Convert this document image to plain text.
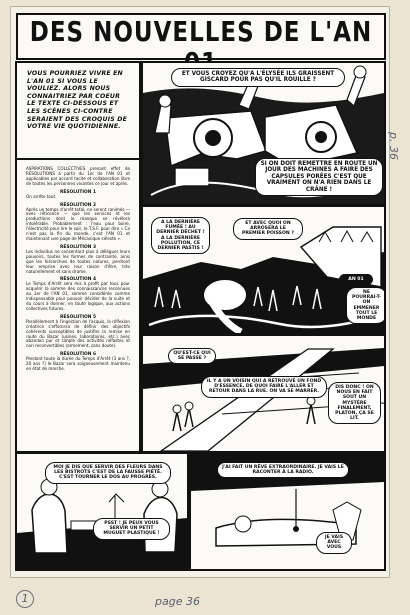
DES NOUVELLES DE L'AN
VOUS POURRIEZ VIVRE EN L'AN 01 SI VOUS LE VOULIEZ. ALORS NOUS CONNAITRIEZ PAR COEUR LE TEXTE CI-DESSOUS ET LES SCÈNES CI-CONTRE SERAIENT DES CROQUIS DE VOTRE VIE QUOTIDIENNE.

ASPIRATIONS COLLECTIVES prenant effet de RÉSOLUTIONS à partir du 1er de l'AN 01 et applicables par accord tacite et collaboration libre de toutes les personnes vivantes ce jour et après.

RÉSOLUTION 1

On arrête tout.

RÉSOLUTION 2

Après un temps d'arrêt total, ne seront ranimés — avec réticence — que les services et les productions dont le manque se révélera intolérable. Probablement : l'eau pour boire, l'électricité pour lire le soir, le T.S.F. pour dire « Ce n'est pas la fin du monde, c'est l'AN 01 et maintenant une page de Mécanique céleste ».

RÉSOLUTION 3

Les individus ne consentant plus à déléguer leurs pouvoirs, toutes les formes de contrainte, ainsi que les hiérarchies de toutes natures, perdront leur emprise avec leur raison d'être, très naturellement et sans drame.

RÉSOLUTION 4

Le Temps d'Arrêt sera mis à profit par tous pour acquérir la somme des connaissances reconnues au 1er de l'AN 01, somme considérée comme indispensable pour pouvoir décider de la suite et du cours à donner, en toute logique, aux actions collectives futures.

RÉSOLUTION 5

Parallèlement à l'ingestion de l'acquis, la réflexion créatrice s'efforcera de définir des objectifs cohérents susceptibles de justifier la remise en route du Bazar (usines, laboratoires, etc.) avec abandon pur et simple des activités néfastes et non reconvertibles (armement, sans doute).

RÉSOLUTION 6

Pendant toute la durée du Temps d'Arrêt (3 ans ?, 20 ans ?) le Bazar sera soigneusement maintenu en état de marche.

ET VOUS CROYEZ QU'A L'ÉLYSÉE ILS GRAISSENT GISCARD POUR PAS QU'IL ROUILLE ?
SI ON DOIT REMETTRE EN ROUTE UN JOUR DES MACHINES A FAIRE DES CAPSULES PORÉES C'EST QUE VRAIMENT ON N'A RIEN DANS LE CRÂNE !
A LA DERNIÈRE FUMÉE ! AU DERNIER DÉCHET ! A LA DERNIÈRE POLLUTION, CE DERNIER PASTIS !
ET AVEC QUOI ON ARROSERA LE PREMIER POISSON ?
AN 01
NE POURRAI-T-ON EMMENER TOUT LE MONDE
QU'EST-CE QUI SE PASSE ?
IL Y A UN VOISIN QUI A RETROUVÉ UN FOND D'ESSENCE, DE QUOI FAIRE L'ALLER ET RETOUR DANS LA RUE. ON VA SE MARRER.
DIS DONC ! ON NOUS EN FAIT SOUT UN MYSTÈRE FINALEMENT, PLATON, ÇA SE LIT.
MOI JE DIS QUE SERVIR DES FLEURS DANS LES BISTROTS C'EST DE LA FAUSSE PIÉTÉ. C'EST TOURNER LE DOS AU PROGRÈS.
PSST ! JE PEUX VOUS SERVIR UN PETIT MUGUET PLASTIQUE !
J'AI FAIT UN RÊVE EXTRAORDINAIRE. JE VAIS LE RACONTER À LA RADIO.
JE VAIS AVEC VOUS
p. 36
page 36
1
